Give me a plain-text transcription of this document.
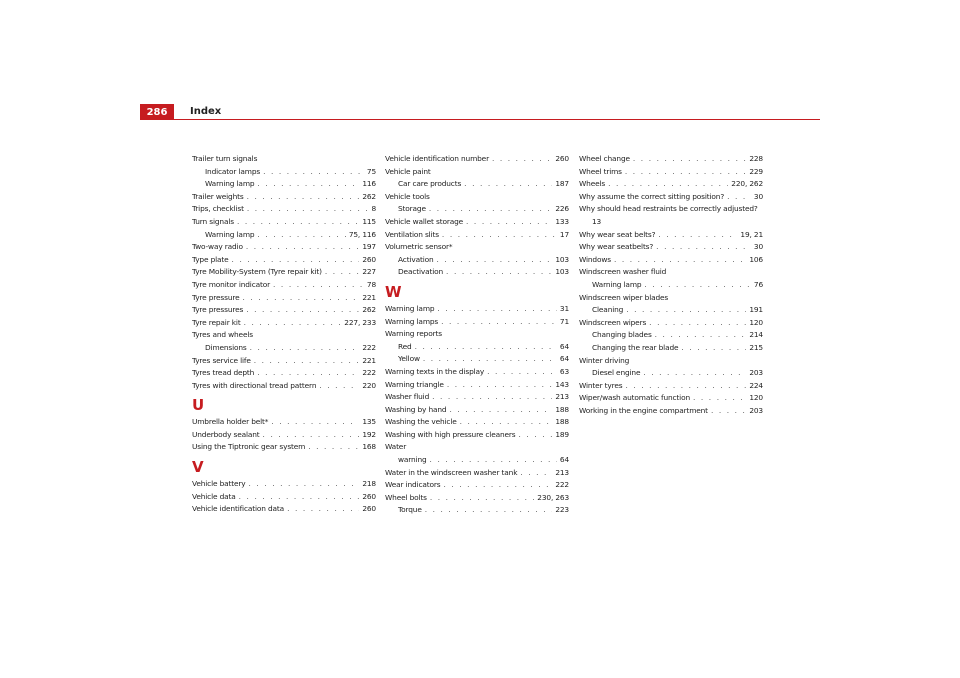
286	Index
Trailer turn signals
Indicator lamps . . .	75
Warning lamp . . .	116
Trailer weights . . .	262
Trips, checklist . . .	8
Turn signals . . .	115
Warning lamp . . .	75, 116
Two-way radio . . .	197
Type plate . . .	260
Tyre Mobility-System (Tyre repair kit) . . .	227
Tyre monitor indicator . . .	78
Tyre pressure . . .	221
Tyre pressures . . .	262
Tyre repair kit . . .	227, 233
Tyres and wheels
Dimensions . . .	222
Tyres service life . . .	221
Tyres tread depth . . .	222
Tyres with directional tread pattern . . .	220
U
Umbrella holder belt* . . .	135
Underbody sealant . . .	192
Using the Tiptronic gear system . . .	168
V
Vehicle battery . . .	218
Vehicle data . . .	260
Vehicle identification data . . .	260
Vehicle identification number . . .	260
Vehicle paint
Car care products . . .	187
Vehicle tools
Storage . . .	226
Vehicle wallet storage . . .	133
Ventilation slits . . .	17
Volumetric sensor*
Activation . . .	103
Deactivation . . .	103
W
Warning lamp . . .	31
Warning lamps . . .	71
Warning reports
Red . . .	64
Yellow . . .	64
Warning texts in the display . . .	63
Warning triangle . . .	143
Washer fluid . . .	213
Washing by hand . . .	188
Washing the vehicle . . .	188
Washing with high pressure cleaners . . .	189
Water
warning . . .	64
Water in the windscreen washer tank . . .	213
Wear indicators . . .	222
Wheel bolts . . .	230, 263
Torque . . .	223
Wheel change . . .	228
Wheel trims . . .	229
Wheels . . .	220, 262
Why assume the correct sitting position? . . .	30
Why should head restraints be correctly adjusted?
13
Why wear seat belts? . . .	19, 21
Why wear seatbelts? . . .	30
Windows . . .	106
Windscreen washer fluid
Warning lamp . . .	76
Windscreen wiper blades
Cleaning . . .	191
Windscreen wipers . . .	120
Changing blades . . .	214
Changing the rear blade . . .	215
Winter driving
Diesel engine . . .	203
Winter tyres . . .	224
Wiper/wash automatic function . . .	120
Working in the engine compartment . . .	203
